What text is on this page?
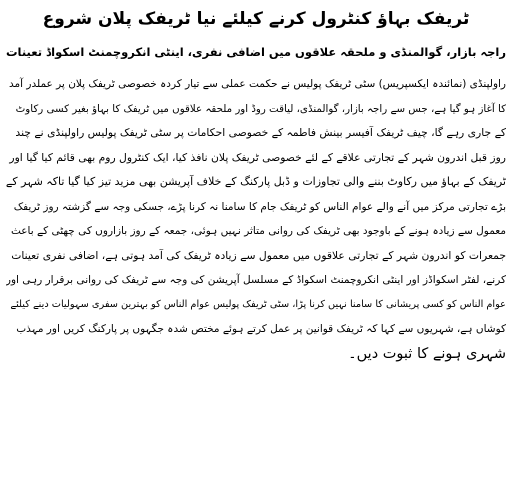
ٹریفک بہاؤ کنٹرول کرنے کیلئے نیا ٹریفک پلان شروع
راجہ بازار، گوالمنڈی و ملحقہ علاقوں میں اضافی نفری، اینٹی انکروچمنٹ اسکواڈ تعینات
راولپنڈی (نمائندہ ایکسپریس) سٹی ٹریفک پولیس نے حکمت عملی سے تیار کردہ خصوصی ٹریفک پلان پر عملدر آمد
کا آغاز ہو گیا ہے، جس سے راجہ بازار، گوالمنڈی، لیاقت روڈ اور ملحقہ علاقوں میں ٹریفک کا بہاؤ بغیر کسی رکاوٹ
کے جاری رہے گا، چیف ٹریفک آفیسر بینش فاطمہ کے خصوصی احکامات پر سٹی ٹریفک پولیس راولپنڈی نے چند
روز قبل اندرون شہر کے تجارتی علاقے کے لئے خصوصی ٹریفک پلان نافذ کیا، ایک کنٹرول روم بھی قائم کیا گیا اور
ٹریفک کے بہاؤ میں رکاوٹ بننے والی تجاوزات و ڈبل پارکنگ کے خلاف آپریشن بھی مزید تیز کیا گیا تاکہ شہر کے
بڑے تجارتی مرکز میں آنے والے عوام الناس کو ٹریفک جام کا سامنا نہ کرنا پڑے، جسکی وجہ سے گزشتہ روز ٹریفک
معمول سے زیادہ ہونے کے باوجود بھی ٹریفک کی روانی متاثر نہیں ہوئی، جمعہ کے روز بازاروں کی چھٹی کے باعث
جمعرات کو اندرون شہر کے تجارتی علاقوں میں معمول سے زیادہ ٹریفک کی آمد ہوتی ہے، اضافی نفری تعینات
کرنے، لفٹر اسکواڈز اور اینٹی انکروچمنٹ اسکواڈ کے مسلسل آپریشن کی وجہ سے ٹریفک کی روانی برقرار رہی اور
عوام الناس کو کسی پریشانی کا سامنا نہیں کرنا پڑا، سٹی ٹریفک پولیس عوام الناس کو بہترین سفری سہولیات دینے کیلئے
کوشاں ہے، شہریوں سے کہا کہ ٹریفک قوانین پر عمل کرتے ہوئے مختص شدہ جگہوں پر پارکنگ کریں اور مہذب
شہری ہونے کا ثبوت دیں۔
